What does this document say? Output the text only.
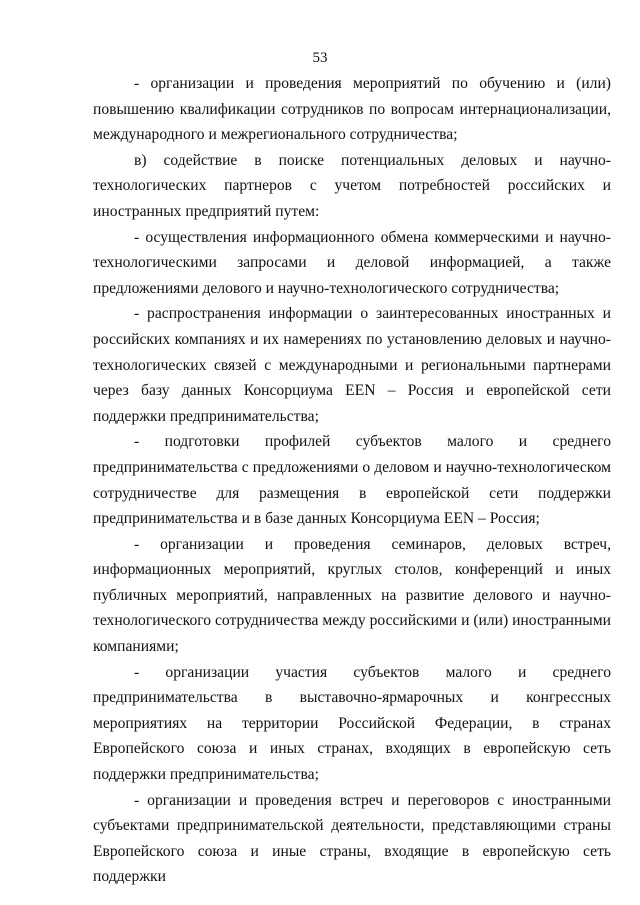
53

- организации и проведения мероприятий по обучению и (или) повышению квалификации сотрудников по вопросам интернационализации, международного и межрегионального сотрудничества;

в) содействие в поиске потенциальных деловых и научно-технологических партнеров с учетом потребностей российских и иностранных предприятий путем:

- осуществления информационного обмена коммерческими и научно-технологическими запросами и деловой информацией, а также предложениями делового и научно-технологического сотрудничества;

- распространения информации о заинтересованных иностранных и российских компаниях и их намерениях по установлению деловых и научно-технологических связей с международными и региональными партнерами через базу данных Консорциума EEN – Россия и европейской сети поддержки предпринимательства;

- подготовки профилей субъектов малого и среднего предпринимательства с предложениями о деловом и научно-технологическом сотрудничестве для размещения в европейской сети поддержки предпринимательства и в базе данных Консорциума EEN – Россия;

- организации и проведения семинаров, деловых встреч, информационных мероприятий, круглых столов, конференций и иных публичных мероприятий, направленных на развитие делового и научно-технологического сотрудничества между российскими и (или) иностранными компаниями;

- организации участия субъектов малого и среднего предпринимательства в выставочно-ярмарочных и конгрессных мероприятиях на территории Российской Федерации, в странах Европейского союза и иных странах, входящих в европейскую сеть поддержки предпринимательства;

- организации и проведения встреч и переговоров с иностранными субъектами предпринимательской деятельности, представляющими страны Европейского союза и иные страны, входящие в европейскую сеть поддержки
